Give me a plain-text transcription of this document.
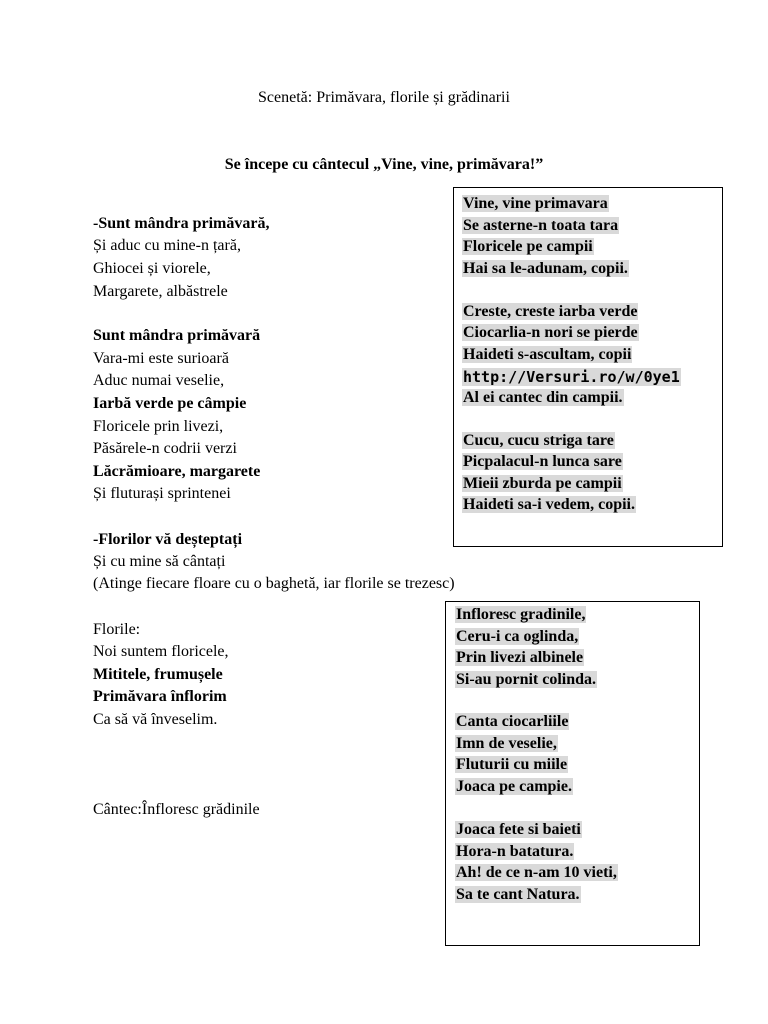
Scenetă: Primăvara, florile și grădinarii
Se începe cu cântecul „Vine, vine, primăvara!”
-Sunt mândra primăvară,
Și aduc cu mine-n țară,
Ghiocei și viorele,
Margarete, albăstrele
Sunt mândra primăvară
Vara-mi este surioară
Aduc numai veselie,
Iarbă verde pe câmpie
Floricele prin livezi,
Păsărele-n codrii verzi
Lăcrămioare, margarete
Și fluturași sprintenei
-Florilor vă deșteptați
Și cu mine să cântați
(Atinge fiecare floare cu o baghetă, iar florile se trezesc)
Florile:
Noi suntem floricele,
Mititele, frumușele
Primăvara înflorim
Ca să vă înveselim.
Cântec:Înfloresc grădinile
Vine, vine primavara
Se asterne-n toata tara
Floricele pe campii
Hai sa le-adunam, copii.
Creste, creste iarba verde
Ciocarlia-n nori se pierde
Haideti s-ascultam, copii
http://Versuri.ro/w/0ye1
Al ei cantec din campii.
Cucu, cucu striga tare
Picpalacul-n lunca sare
Mieii zburda pe campii
Haideti sa-i vedem, copii.
Infloresc gradinile,
Ceru-i ca oglinda,
Prin livezi albinele
Si-au pornit colinda.
Canta ciocarliile
Imn de veselie,
Fluturii cu miile
Joaca pe campie.
Joaca fete si baieti
Hora-n batatura.
Ah! de ce n-am 10 vieti,
Sa te cant Natura.
